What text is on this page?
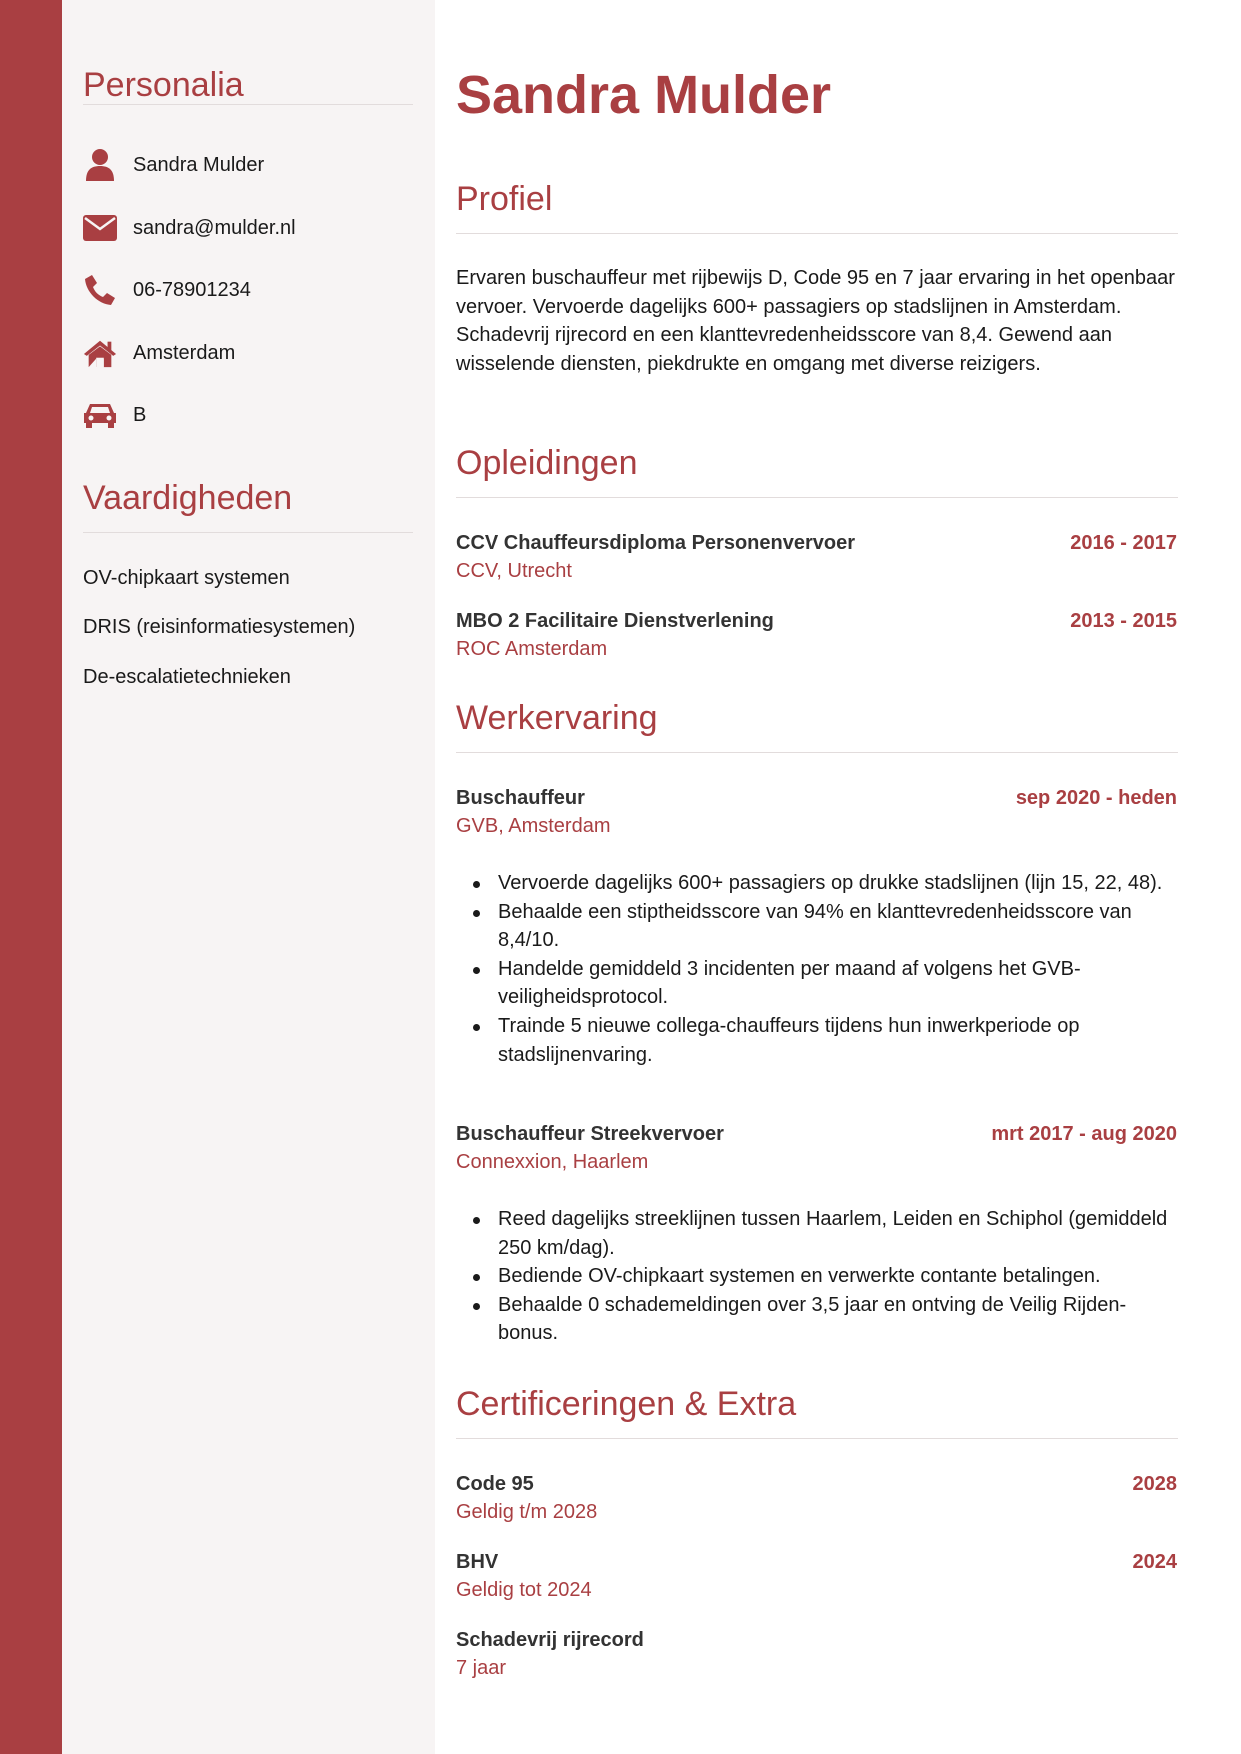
Personalia
Sandra Mulder
sandra@mulder.nl
06-78901234
Amsterdam
B
Vaardigheden
OV-chipkaart systemen
DRIS (reisinformatiesystemen)
De-escalatietechnieken
Sandra Mulder
Profiel

Ervaren buschauffeur met rijbewijs D, Code 95 en 7 jaar ervaring in het openbaar vervoer. Vervoerde dagelijks 600+ passagiers op stadslijnen in Amsterdam. Schadevrij rijrecord en een klanttevredenheidsscore van 8,4. Gewend aan wisselende diensten, piekdrukte en omgang met diverse reizigers.

Opleidingen
CCV Chauffeursdiploma Personenvervoer	2016 - 2017
CCV, Utrecht
MBO 2 Facilitaire Dienstverlening	2013 - 2015
ROC Amsterdam
Werkervaring
Buschauffeur	sep 2020 - heden
GVB, Amsterdam
Vervoerde dagelijks 600+ passagiers op drukke stadslijnen (lijn 15, 22, 48).
Behaalde een stiptheidsscore van 94% en klanttevredenheidsscore van 8,4/10.
Handelde gemiddeld 3 incidenten per maand af volgens het GVB-veiligheidsprotocol.
Trainde 5 nieuwe collega-chauffeurs tijdens hun inwerkperiode op stadslijnenvaring.
Buschauffeur Streekvervoer	mrt 2017 - aug 2020
Connexxion, Haarlem
Reed dagelijks streeklijnen tussen Haarlem, Leiden en Schiphol (gemiddeld 250 km/dag).
Bediende OV-chipkaart systemen en verwerkte contante betalingen.
Behaalde 0 schademeldingen over 3,5 jaar en ontving de Veilig Rijden-bonus.
Certificeringen & Extra
Code 95	2028
Geldig t/m 2028
BHV	2024
Geldig tot 2024
Schadevrij rijrecord
7 jaar
